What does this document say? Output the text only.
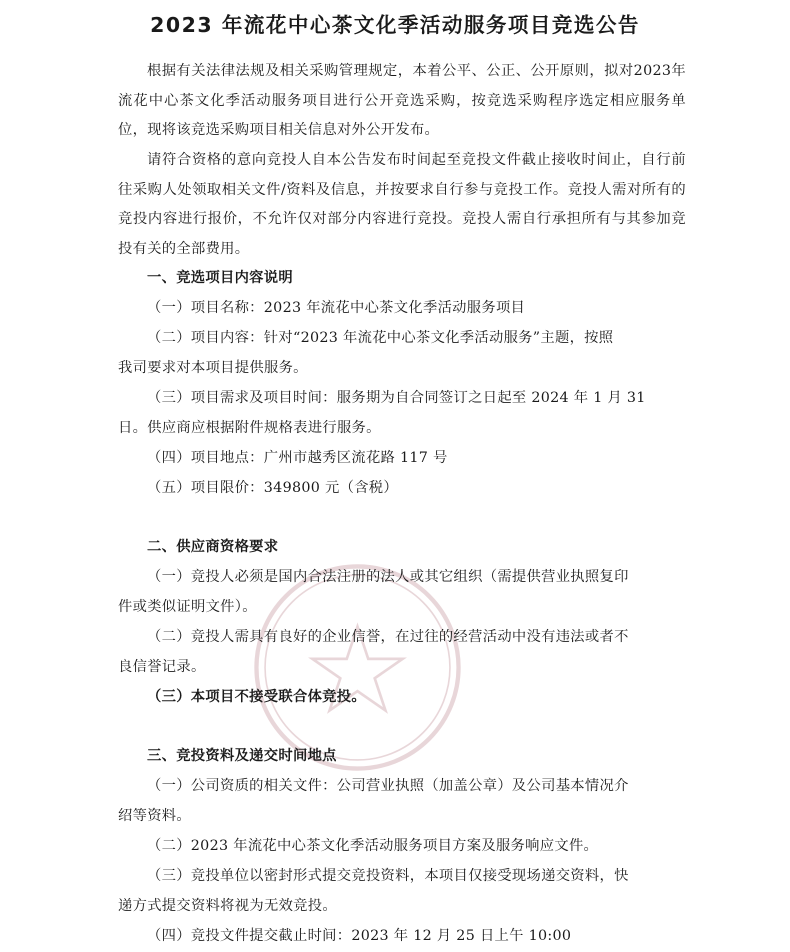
2023 年流花中心茶文化季活动服务项目竞选公告
根据有关法律法规及相关采购管理规定，本着公平、公正、公开原则，拟对2023年流花中心茶文化季活动服务项目进行公开竞选采购，按竞选采购程序选定相应服务单位，现将该竞选采购项目相关信息对外公开发布。
请符合资格的意向竞投人自本公告发布时间起至竞投文件截止接收时间止，自行前往采购人处领取相关文件/资料及信息，并按要求自行参与竞投工作。竞投人需对所有的竞投内容进行报价，不允许仅对部分内容进行竞投。竞投人需自行承担所有与其参加竞投有关的全部费用。
一、竞选项目内容说明
（一）项目名称：2023 年流花中心茶文化季活动服务项目
（二）项目内容：针对“2023 年流花中心茶文化季活动服务”主题，按照
我司要求对本项目提供服务。
（三）项目需求及项目时间：服务期为自合同签订之日起至 2024 年 1 月 31
日。供应商应根据附件规格表进行服务。
（四）项目地点：广州市越秀区流花路 117 号
（五）项目限价：349800 元（含税）
二、供应商资格要求
（一）竞投人必须是国内合法注册的法人或其它组织（需提供营业执照复印
件或类似证明文件）。
（二）竞投人需具有良好的企业信誉，在过往的经营活动中没有违法或者不
良信誉记录。
（三）本项目不接受联合体竞投。
三、竞投资料及递交时间地点
（一）公司资质的相关文件：公司营业执照（加盖公章）及公司基本情况介
绍等资料。
（二）2023 年流花中心茶文化季活动服务项目方案及服务响应文件。
（三）竞投单位以密封形式提交竞投资料，本项目仅接受现场递交资料，快
递方式提交资料将视为无效竞投。
（四）竞投文件提交截止时间：2023 年 12 月 25 日上午 10:00
